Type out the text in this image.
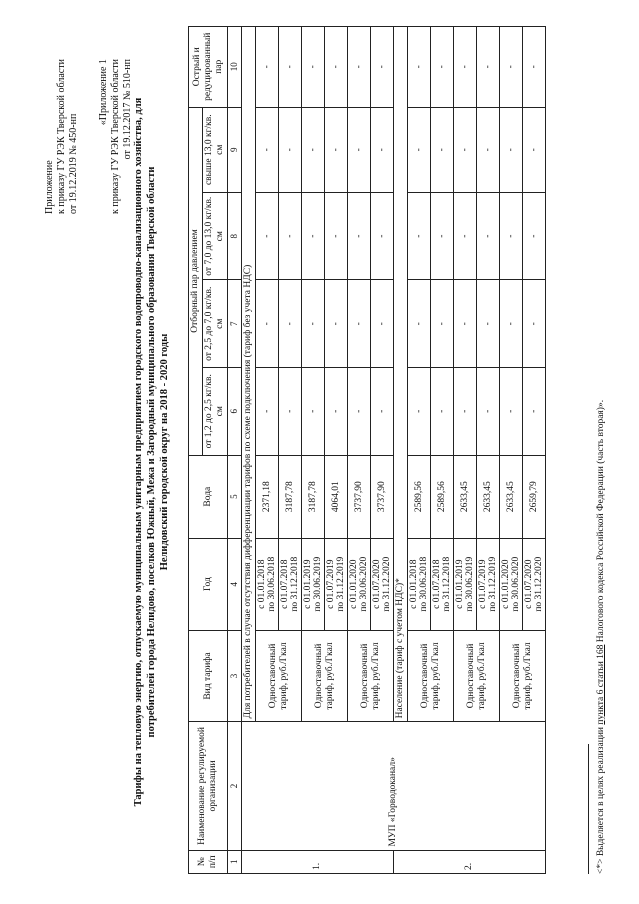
Приложение к приказу ГУ РЭК Тверской области от 19.12.2019 № 450-нп
«Приложение 1 к приказу ГУ РЭК Тверской области от 19.12.2017 № 510-нп Тарифы на тепловую энергию, отпускаемую муниципальным унитарным предприятием городского водопроводно-канализационного хозяйства, для потребителей города Нелидово, поселков Южный, Межа и Загородный муниципального образования Тверской области Нелидовский городской округ на 2018 - 2020 годы
№ п/п	Наименование регулируемой организации	Вид тарифа	Год	Вода	Отборный пар давлением				Острый и редуцированный пар
					от 1,2 до 2,5 кг/кв. см	от 2,5 до 7,0 кг/кв. см	от 7,0 до 13,0 кг/кв. см	свыше 13,0 кг/кв. см	
1	2	3	4	5	6	7	8	9	10
1.	МУП «Горводоканал»	Для потребителей в случае отсутствия дифференциации тарифов по схеме подключения (тариф без учета НДС)							
		Одноставочный тариф, руб./Гкал	с 01.01.2018 по 30.06.2018	2371,18	-	-	-	-	-

			с 01.07.2018 по 31.12.2018	3187,78	-	-	-	-	-
		Одноставочный тариф, руб./Гкал	с 01.01.2019 по 30.06.2019	3187,78	-	-	-	-	-

			с 01.07.2019 по 31.12.2019	4064,01	-	-	-	-	-
		Одноставочный тариф, руб./Гкал	с 01.01.2020 по 30.06.2020	3737,90	-	-	-	-	-

			с 01.07.2020 по 31.12.2020	3737,90	-	-	-	-	-
2.		Население (тариф с учетом НДС)*							
		Одноставочный тариф, руб./Гкал	с 01.01.2018 по 30.06.2018	2589,56	-	-	-	-	-

			с 01.07.2018 по 31.12.2018	2589,56	-	-	-	-	-
		Одноставочный тариф, руб./Гкал	с 01.01.2019 по 30.06.2019	2633,45	-	-	-	-	-

			с 01.07.2019 по 31.12.2019	2633,45	-	-	-	-	-
		Одноставочный тариф, руб./Гкал	с 01.01.2020 по 30.06.2020	2633,45	-	-	-	-	-

			с 01.07.2020 по 31.12.2020	2659,79	-	-	-	-	-
<*> Выделяется в целях реализации пункта 6 статьи 168 Налогового кодекса Российской Федерации (часть вторая)».
